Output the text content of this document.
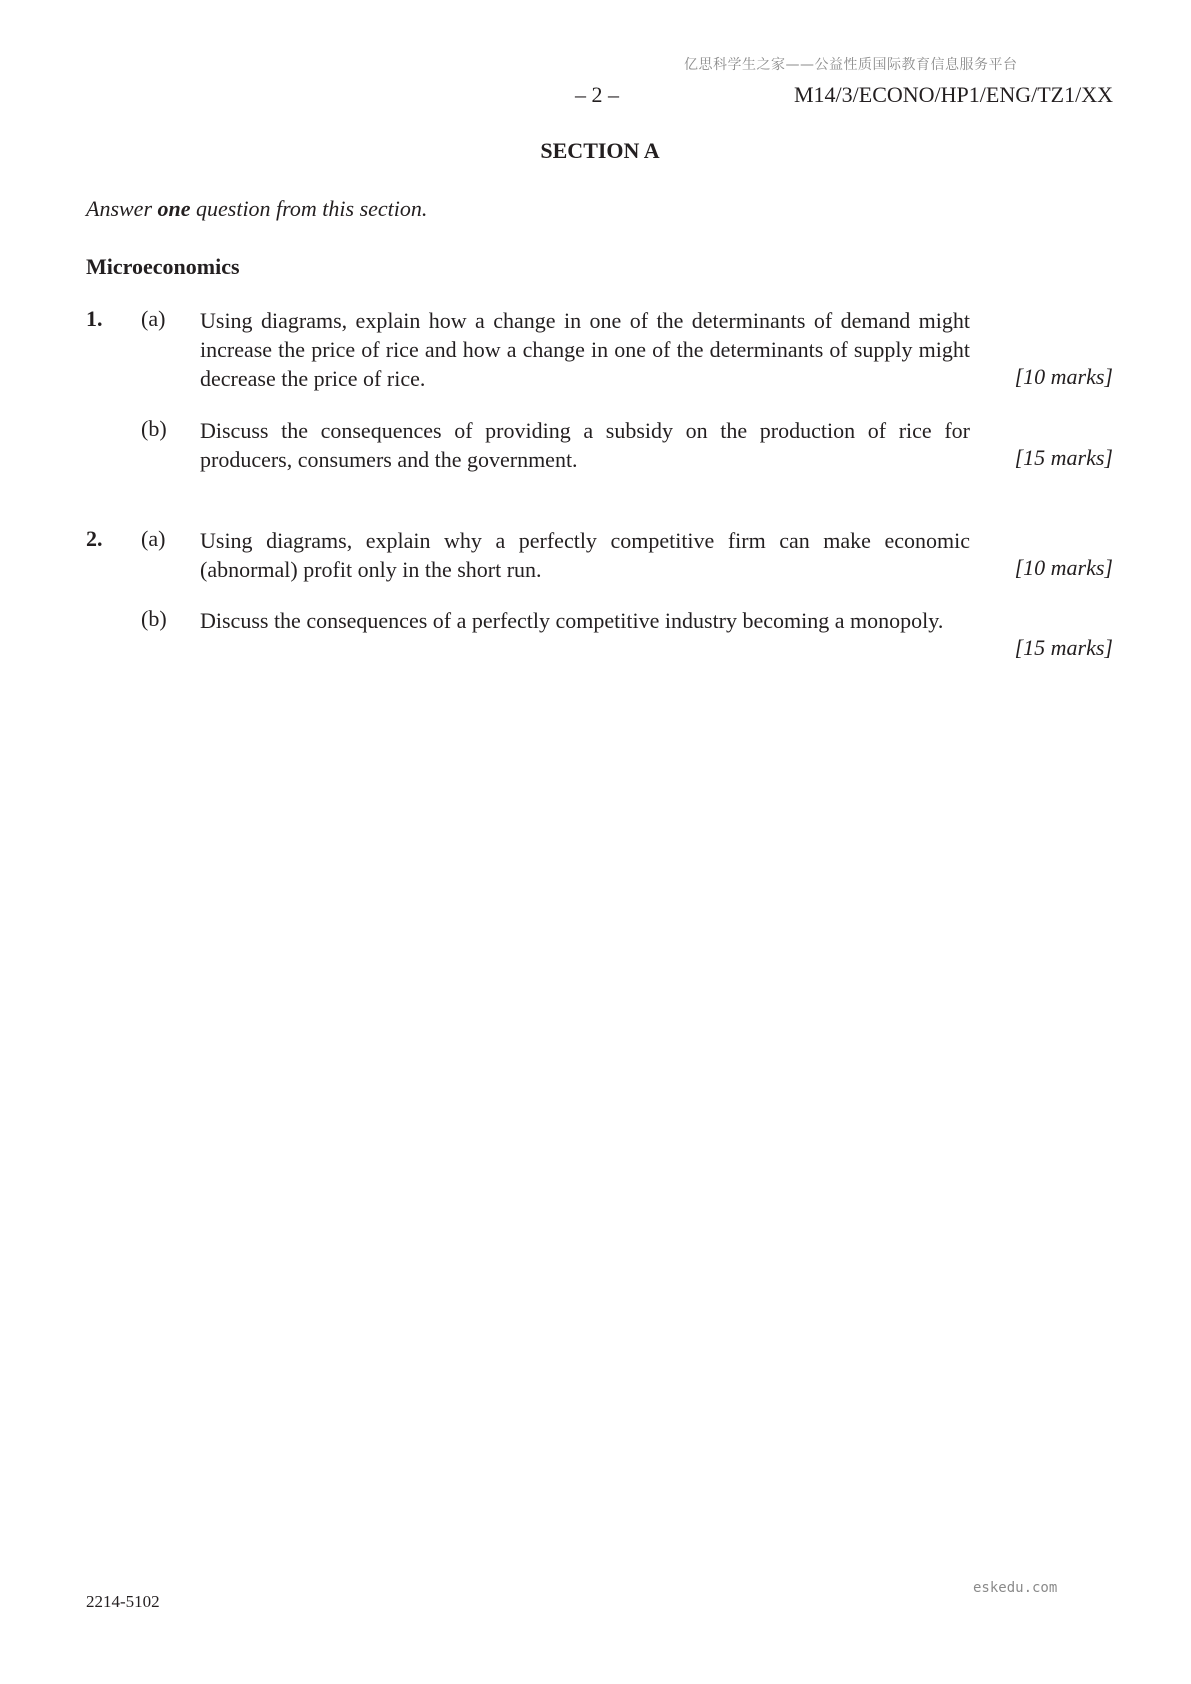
亿思科学生之家——公益性质国际教育信息服务平台
– 2 –	M14/3/ECONO/HP1/ENG/TZ1/XX
SECTION A
Answer one question from this section.
Microeconomics
1. (a) Using diagrams, explain how a change in one of the determinants of demand might increase the price of rice and how a change in one of the determinants of supply might decrease the price of rice.	[10 marks]
(b) Discuss the consequences of providing a subsidy on the production of rice for producers, consumers and the government.	[15 marks]
2. (a) Using diagrams, explain why a perfectly competitive firm can make economic (abnormal) profit only in the short run.	[10 marks]
(b) Discuss the consequences of a perfectly competitive industry becoming a monopoly.
[15 marks]
2214-5102
eskedu.com
